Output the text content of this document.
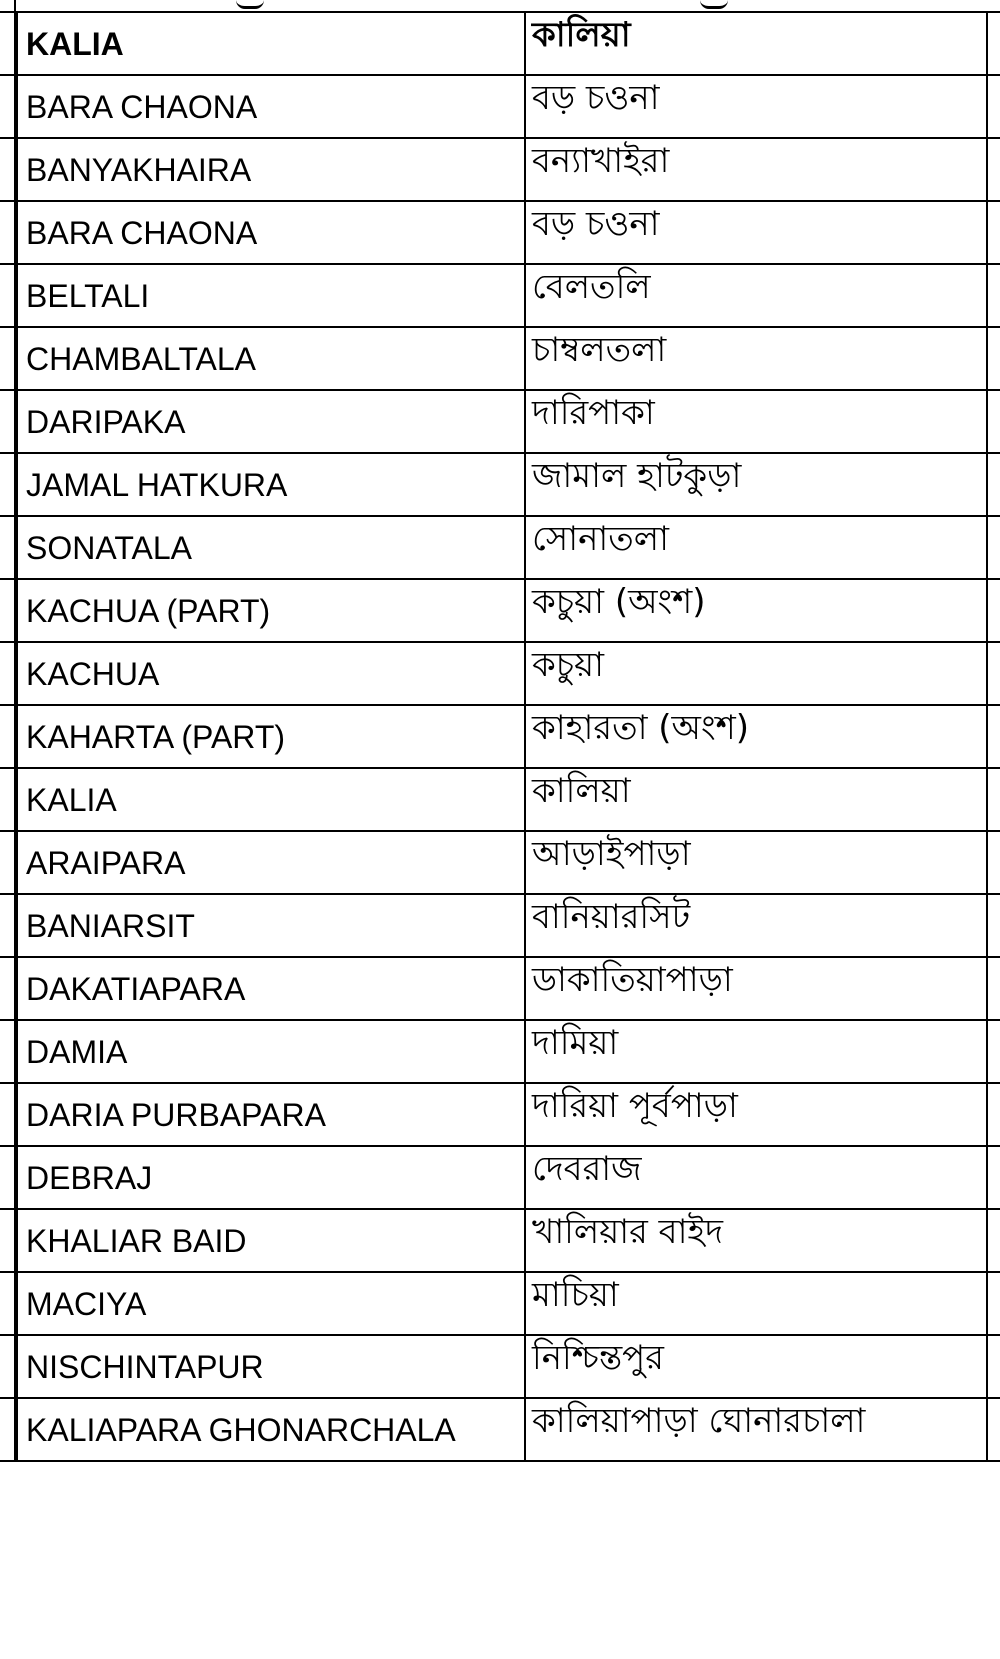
KALIA	কালিয়া
BARA CHAONA	বড় চওনা
BANYAKHAIRA	বন্যাখাইরা
BARA CHAONA	বড় চওনা
BELTALI	বেলতলি
CHAMBALTALA	চাম্বলতলা
DARIPAKA	দারিপাকা
JAMAL HATKURA	জামাল হাটকুড়া
SONATALA	সোনাতলা
KACHUA (PART)	কচুয়া (অংশ)
KACHUA	কচুয়া
KAHARTA (PART)	কাহারতা (অংশ)
KALIA	কালিয়া
ARAIPARA	আড়াইপাড়া
BANIARSIT	বানিয়ারসিট
DAKATIAPARA	ডাকাতিয়াপাড়া
DAMIA	দামিয়া
DARIA PURBAPARA	দারিয়া পূর্বপাড়া
DEBRAJ	দেবরাজ
KHALIAR BAID	খালিয়ার বাইদ
MACIYA	মাচিয়া
NISCHINTAPUR	নিশ্চিন্তপুর
KALIAPARA GHONARCHALA	কালিয়াপাড়া ঘোনারচালা
